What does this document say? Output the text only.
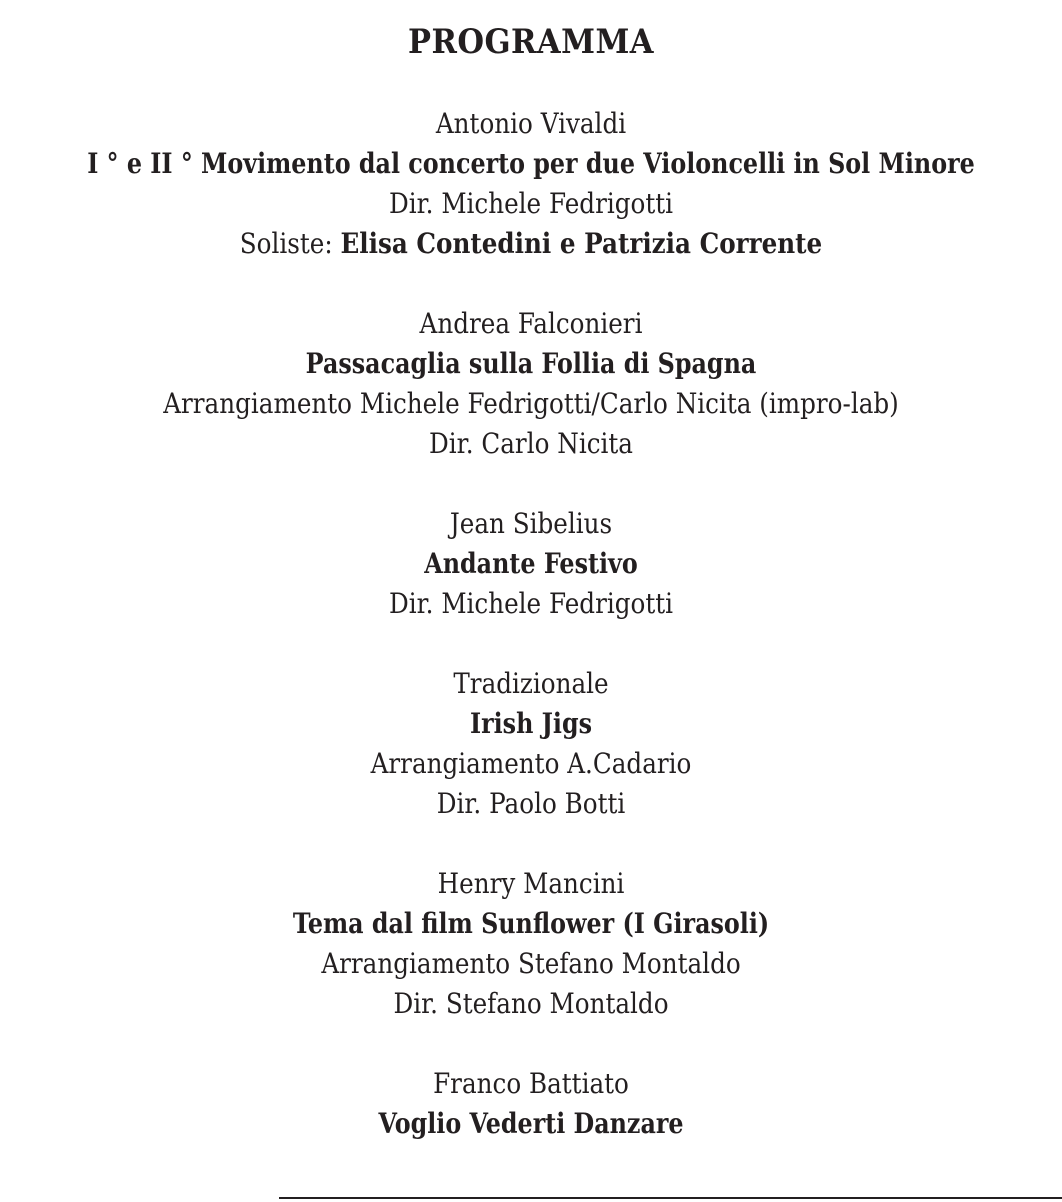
PROGRAMMA
Antonio Vivaldi
I ° e II ° Movimento dal concerto per due Violoncelli in Sol Minore
Dir. Michele Fedrigotti
Soliste: Elisa Contedini e Patrizia Corrente
Andrea Falconieri
Passacaglia sulla Follia di Spagna
Arrangiamento Michele Fedrigotti/Carlo Nicita (impro-lab)
Dir. Carlo Nicita
Jean Sibelius
Andante Festivo
Dir. Michele Fedrigotti
Tradizionale
Irish Jigs
Arrangiamento A.Cadario
Dir. Paolo Botti
Henry Mancini
Tema dal film Sunflower (I Girasoli)
Arrangiamento Stefano Montaldo
Dir. Stefano Montaldo
Franco Battiato
Voglio Vederti Danzare
